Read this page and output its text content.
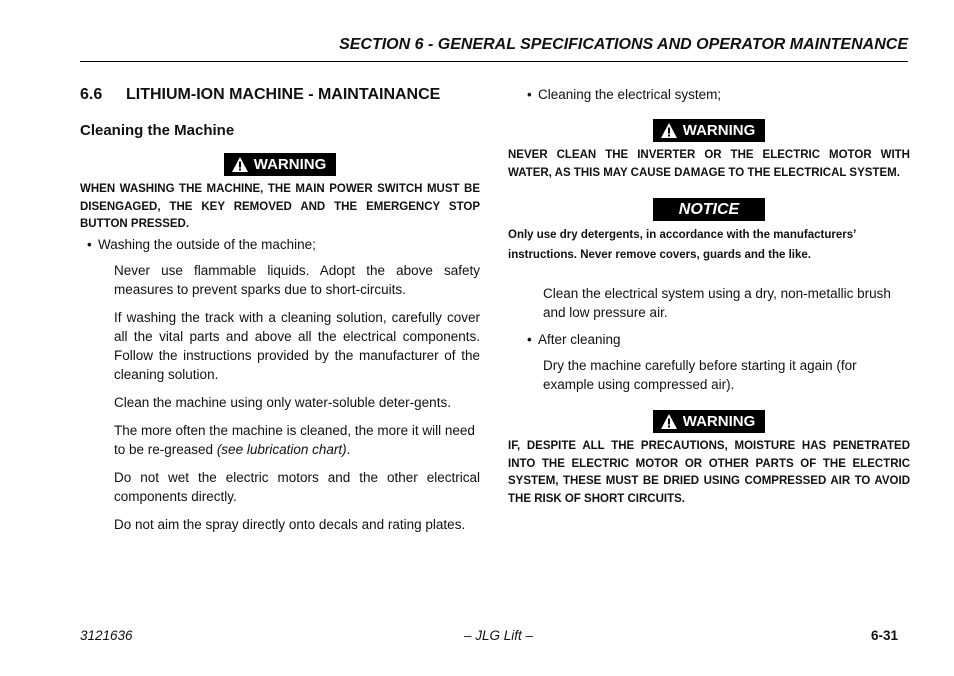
SECTION 6 - GENERAL SPECIFICATIONS AND OPERATOR MAINTENANCE
6.6 LITHIUM-ION MACHINE - MAINTAINANCE
Cleaning the Machine
WARNING

WHEN WASHING THE MACHINE, THE MAIN POWER SWITCH MUST BE DISENGAGED, THE KEY REMOVED AND THE EMERGENCY STOP BUTTON PRESSED.

• Washing the outside of the machine;

Never use flammable liquids. Adopt the above safety measures to prevent sparks due to short-circuits.

If washing the track with a cleaning solution, carefully cover all the vital parts and above all the electrical components. Follow the instructions provided by the manufacturer of the cleaning solution.

Clean the machine using only water-soluble deter-gents.

The more often the machine is cleaned, the more it will need to be re-greased (see lubrication chart).

Do not wet the electric motors and the other electrical components directly.

Do not aim the spray directly onto decals and rating plates.

• Cleaning the electrical system;
WARNING

NEVER CLEAN THE INVERTER OR THE ELECTRIC MOTOR WITH WATER, AS THIS MAY CAUSE DAMAGE TO THE ELECTRICAL SYSTEM.

NOTICE

Only use dry detergents, in accordance with the manufacturers’ instructions. Never remove covers, guards and the like.

Clean the electrical system using a dry, non-metallic brush and low pressure air.

• After cleaning

Dry the machine carefully before starting it again (for example using compressed air).

WARNING

IF, DESPITE ALL THE PRECAUTIONS, MOISTURE HAS PENETRATED INTO THE ELECTRIC MOTOR OR OTHER PARTS OF THE ELECTRIC SYSTEM, THESE MUST BE DRIED USING COMPRESSED AIR TO AVOID THE RISK OF SHORT CIRCUITS.

3121636	– JLG Lift –	6-31
